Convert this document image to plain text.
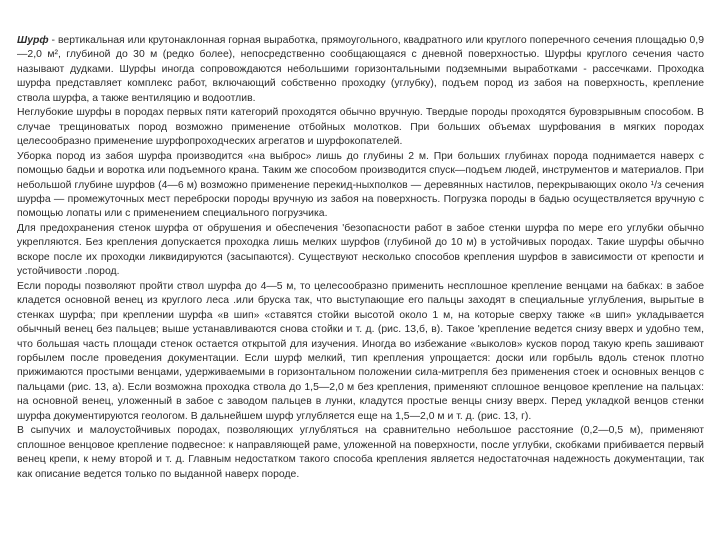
Шурф - вертикальная или крутонаклонная горная выработка, прямоугольного, квадратного или круглого поперечного сечения площадью 0,9—2,0 м², глубиной до 30 м (редко более), непосредственно сообщающаяся с дневной поверхностью. Шурфы круглого сечения часто называют дудками. Шурфы иногда сопровождаются небольшими горизонтальными подземными выработками - рассечками. Проходка шурфа представляет комплекс работ, включающий собственно проходку (углубку), подъем пород из забоя на поверхность, крепление ствола шурфа, а также вентиляцию и водоотлив.

Неглубокие шурфы в породах первых пяти категорий проходятся обычно вручную. Твердые породы проходятся буровзрывным способом. В случае трещиноватых пород возможно применение отбойных молотков. При больших объемах шурфования в мягких породах целесообразно применение шурфопроходческих агрегатов и шурфокопателей.

Уборка пород из забоя шурфа производится «на выброс» лишь до глубины 2 м. При больших глубинах порода поднимается наверх с помощью бадьи и воротка или подъемного крана. Таким же способом производится спуск—подъем людей, инструментов и материалов. При небольшой глубине шурфов (4—6 м) возможно применение перекид-ныхполков — деревянных настилов, перекрывающих около ¹/з сечения шурфа — промежуточных мест переброски породы вручную из забоя на поверхность. Погрузка породы в бадью осуществляется вручную с помощью лопаты или с применением специального погрузчика.

Для предохранения стенок шурфа от обрушения и обеспечения 'безопасности работ в забое стенки шурфа по мере его углубки обычно укрепляются. Без крепления допускается проходка лишь мелких шурфов (глубиной до 10 м) в устойчивых породах. Такие шурфы обычно вскоре после их проходки ликвидируются (засыпаются). Существуют несколько способов крепления шурфов в зависимости от крепости и устойчивости .пород.

Если породы позволяют пройти ствол шурфа до 4—5 м, то целесообразно применить несплошное крепление венцами на бабках: в забое кладется основной венец из круглого леса .или бруска так, что выступающие его пальцы заходят в специальные углубления, вырытые в стенках шурфа; при креплении шурфа «в шип» «ставятся стойки высотой около 1 м, на которые сверху также «в шип» укладывается обычный венец без пальцев; выше устанавливаются снова стойки и т. д. (рис. 13,б, в). Такое 'крепление ведется снизу вверх и удобно тем, что большая часть площади стенок остается открытой для изучения. Иногда во избежание «выколов» кусков пород такую крепь зашивают горбылем после проведения документации. Если шурф мелкий, тип крепления упрощается: доски или горбыль вдоль стенок плотно прижимаются простыми венцами, удерживаемыми в горизонтальном положении сила-митрепля без применения стоек и основных венцов с пальцами (рис. 13, а). Если возможна проходка ствола до 1,5—2,0 м без крепления, применяют сплошное венцовое крепление на пальцах: на основной венец, уложенный в забое с заводом пальцев в лунки, кладутся простые венцы снизу вверх. Перед укладкой венцов стенки шурфа документируются геологом. В дальнейшем шурф углубляется еще на 1,5—2,0 м и т. д. (рис. 13, г).

В сыпучих и малоустойчивых породах, позволяющих углубляться на сравнительно небольшое расстояние (0,2—0,5 м), применяют сплошное венцовое крепление подвесное: к направляющей раме, уложенной на поверхности, после углубки, скобками прибивается первый венец крепи, к нему второй и т. д. Главным недостатком такого способа крепления является недостаточная надежность документации, так как описание ведется только по выданной наверх породе.
